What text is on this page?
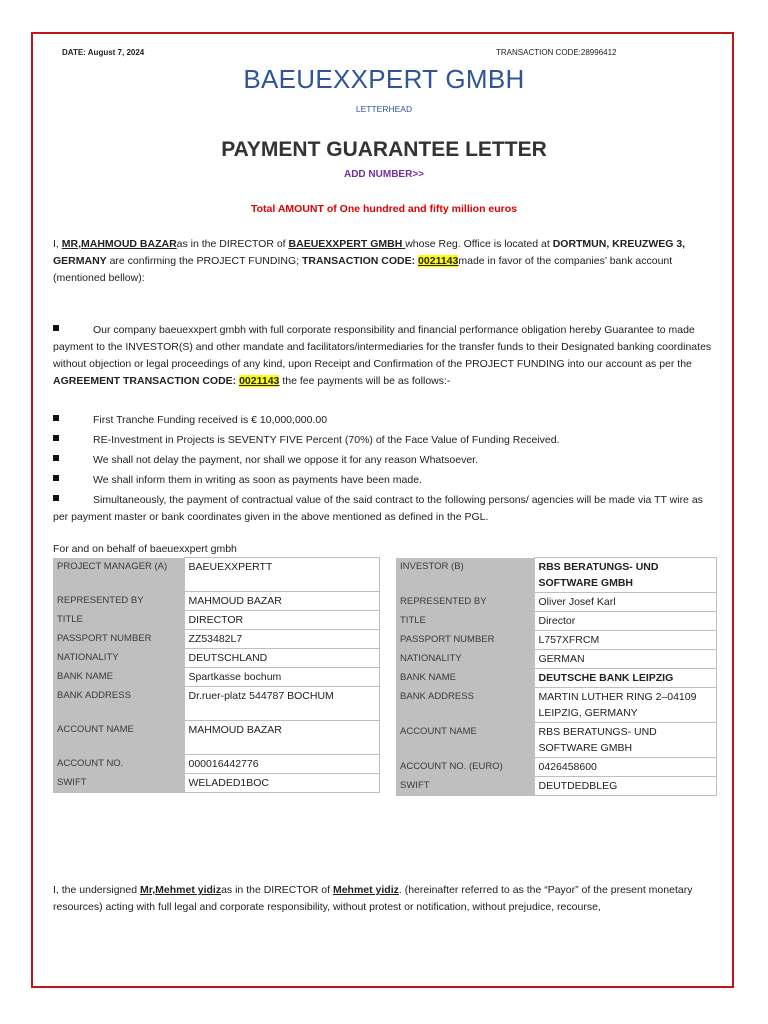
DATE: August 7, 2024	TRANSACTION CODE:28996412
BAEUEXXPERT GMBH
LETTERHEAD
PAYMENT GUARANTEE LETTER
ADD NUMBER>>
Total AMOUNT of One hundred and fifty million euros
I, MR,MAHMOUD BAZARas in the DIRECTOR of BAEUEXXPERT GMBH whose Reg. Office is located at DORTMUN, KREUZWEG 3, GERMANY are confirming the PROJECT FUNDING; TRANSACTION CODE: 0021143made in favor of the companies’ bank account (mentioned bellow):
Our company baeuexxpert gmbh with full corporate responsibility and financial performance obligation hereby Guarantee to made payment to the INVESTOR(S) and other mandate and facilitators/intermediaries for the transfer funds to their Designated banking coordinates without objection or legal proceedings of any kind, upon Receipt and Confirmation of the PROJECT FUNDING into our account as per the AGREEMENT TRANSACTION CODE: 0021143 the fee payments will be as follows:-
First Tranche Funding received is € 10,000,000.00
RE-Investment in Projects is SEVENTY FIVE Percent (70%) of the Face Value of Funding Received.
We shall not delay the payment, nor shall we oppose it for any reason Whatsoever.
We shall inform them in writing as soon as payments have been made.
Simultaneously, the payment of contractual value of the said contract to the following persons/ agencies will be made via TT wire as per payment master or bank coordinates given in the above mentioned as defined in the PGL.
For and on behalf of baeuexxpert gmbh
PROJECT MANAGER (A)	BAEUEXXPERTT
REPRESENTED BY	MAHMOUD BAZAR
TITLE	DIRECTOR
PASSPORT NUMBER	ZZ53482L7
NATIONALITY	DEUTSCHLAND
BANK NAME	Spartkasse bochum
BANK ADDRESS	Dr.ruer-platz 544787 BOCHUM
ACCOUNT NAME	MAHMOUD BAZAR
ACCOUNT NO.	000016442776
SWIFT	WELADED1BOC
INVESTOR (B)	RBS BERATUNGS- UND SOFTWARE GMBH
REPRESENTED BY	Oliver Josef Karl
TITLE	Director
PASSPORT NUMBER	L757XFRCM
NATIONALITY	GERMAN
BANK NAME	DEUTSCHE BANK LEIPZIG
BANK ADDRESS	MARTIN LUTHER RING 2–04109 LEIPZIG, GERMANY
ACCOUNT NAME	RBS BERATUNGS- UND SOFTWARE GMBH
ACCOUNT NO. (EURO)	0426458600
SWIFT	DEUTDEDBLEG
I, the undersigned Mr,Mehmet yidizas in the DIRECTOR of Mehmet yidiz. (hereinafter referred to as the “Payor” of the present monetary resources) acting with full legal and corporate responsibility, without protest or notification, without prejudice, recourse,
